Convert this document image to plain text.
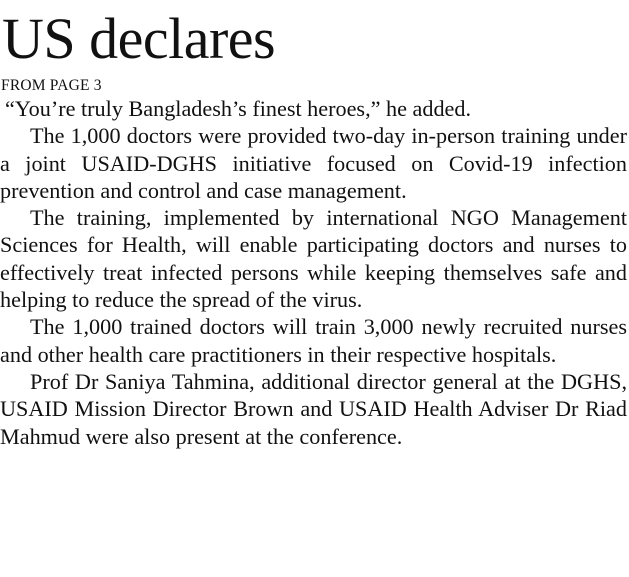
US declares
FROM PAGE 3

“You’re truly Bangladesh’s finest heroes,” he added.

The 1,000 doctors were provided two-day in-person training under a joint USAID-DGHS initiative focused on Covid-19 infection prevention and control and case management.

The training, implemented by international NGO Management Sciences for Health, will enable participating doctors and nurses to effectively treat infected persons while keeping themselves safe and helping to reduce the spread of the virus.

The 1,000 trained doctors will train 3,000 newly recruited nurses and other health care practitioners in their respective hospitals.

Prof Dr Saniya Tahmina, additional director general at the DGHS, USAID Mission Director Brown and USAID Health Adviser Dr Riad Mahmud were also present at the conference.
